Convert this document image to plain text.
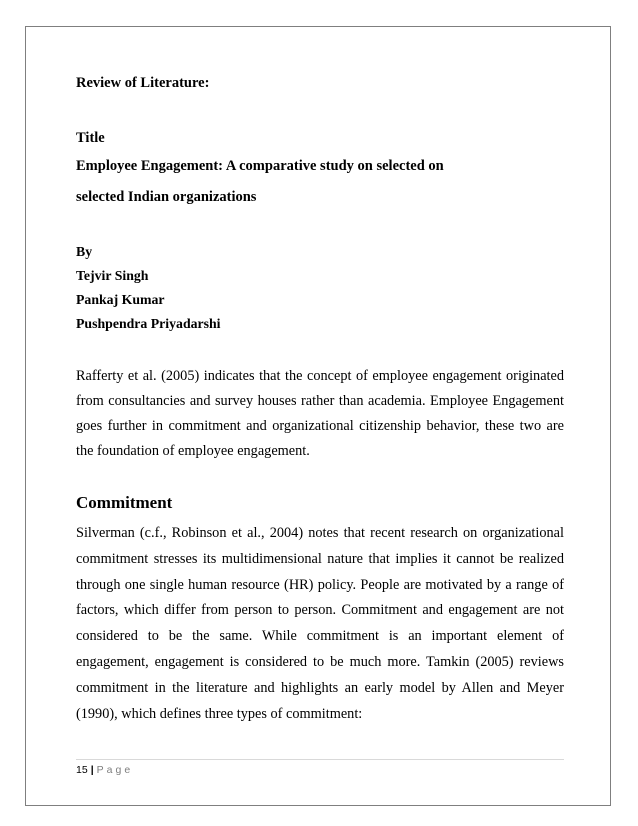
Review of Literature:
Title
Employee Engagement: A comparative study on selected on
selected Indian organizations
By
Tejvir Singh
Pankaj Kumar
Pushpendra Priyadarshi

Rafferty et al. (2005) indicates that the concept of employee engagement originated from consultancies and survey houses rather than academia. Employee Engagement goes further in commitment and organizational citizenship behavior, these two are the foundation of employee engagement.

Commitment

Silverman (c.f., Robinson et al., 2004) notes that recent research on organizational commitment stresses its multidimensional nature that implies it cannot be realized through one single human resource (HR) policy. People are motivated by a range of factors, which differ from person to person. Commitment and engagement are not considered to be the same. While commitment is an important element of engagement, engagement is considered to be much more. Tamkin (2005) reviews commitment in the literature and highlights an early model by Allen and Meyer (1990), which defines three types of commitment:

15 | Page
